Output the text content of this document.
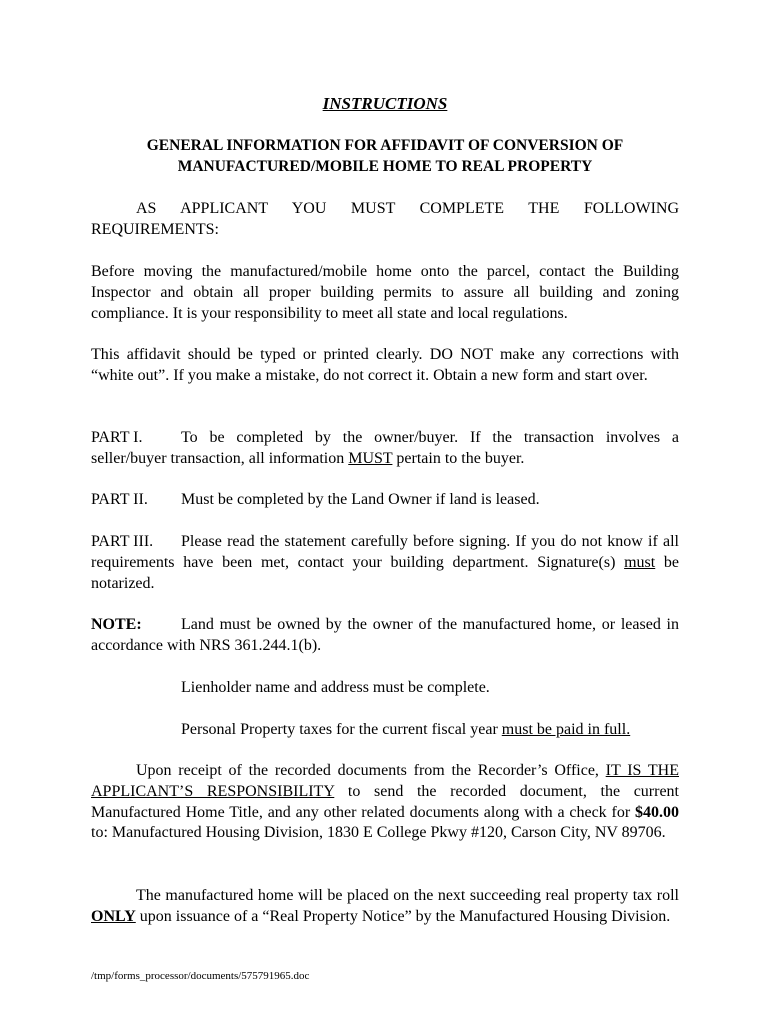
INSTRUCTIONS
GENERAL INFORMATION FOR AFFIDAVIT OF CONVERSION OF
MANUFACTURED/MOBILE HOME TO REAL PROPERTY

AS APPLICANT YOU MUST COMPLETE THE FOLLOWING REQUIREMENTS:

Before moving the manufactured/mobile home onto the parcel, contact the Building Inspector and obtain all proper building permits to assure all building and zoning compliance. It is your responsibility to meet all state and local regulations.

This affidavit should be typed or printed clearly. DO NOT make any corrections with “white out”. If you make a mistake, do not correct it. Obtain a new form and start over.

PART I. To be completed by the owner/buyer. If the transaction involves a seller/buyer transaction, all information MUST pertain to the buyer.

PART II. Must be completed by the Land Owner if land is leased.

PART III. Please read the statement carefully before signing. If you do not know if all requirements have been met, contact your building department. Signature(s) must be notarized.

NOTE: Land must be owned by the owner of the manufactured home, or leased in accordance with NRS 361.244.1(b).

Lienholder name and address must be complete.

Personal Property taxes for the current fiscal year must be paid in full.

Upon receipt of the recorded documents from the Recorder’s Office, IT IS THE APPLICANT’S RESPONSIBILITY to send the recorded document, the current Manufactured Home Title, and any other related documents along with a check for $40.00 to: Manufactured Housing Division, 1830 E College Pkwy #120, Carson City, NV 89706.

The manufactured home will be placed on the next succeeding real property tax roll ONLY upon issuance of a “Real Property Notice” by the Manufactured Housing Division.

/tmp/forms_processor/documents/575791965.doc
